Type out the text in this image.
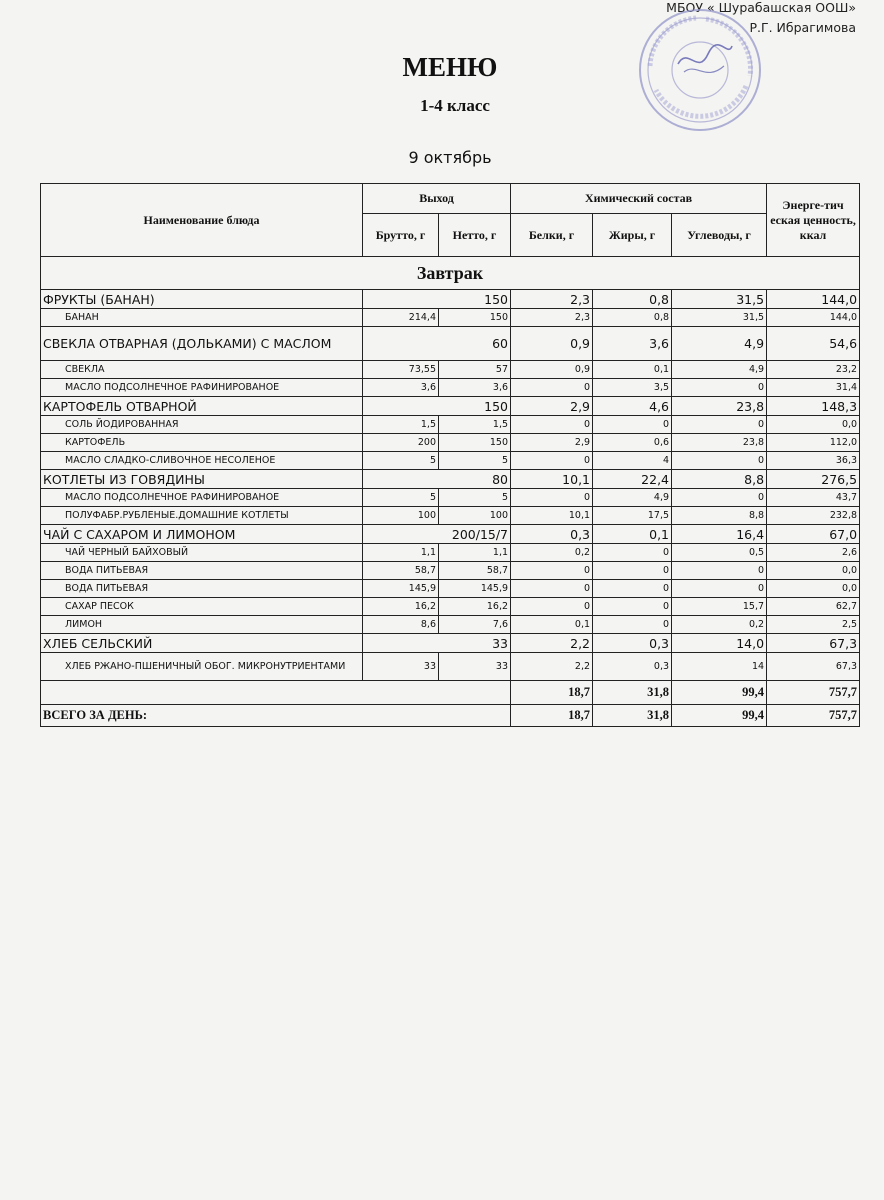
МБОУ « Шурабашская ООШ»
Р.Г. Ибрагимова
МЕНЮ
1-4 класс
9 октябрь
Наименование блюда	Выход		Химический состав			Энерге-тич еская ценность, ккал
	Брутто, г	Нетто, г	Белки, г	Жиры, г	Углеводы, г	
Завтрак						
ФРУКТЫ (БАНАН)	150		2,3	0,8	31,5	144,0
БАНАН	214,4	150	2,3	0,8	31,5	144,0
СВЕКЛА ОТВАРНАЯ (ДОЛЬКАМИ) С МАСЛОМ	60		0,9	3,6	4,9	54,6
СВЕКЛА	73,55	57	0,9	0,1	4,9	23,2
МАСЛО ПОДСОЛНЕЧНОЕ РАФИНИРОВАНОЕ	3,6	3,6	0	3,5	0	31,4
КАРТОФЕЛЬ ОТВАРНОЙ	150		2,9	4,6	23,8	148,3
СОЛЬ ЙОДИРОВАННАЯ	1,5	1,5	0	0	0	0,0
КАРТОФЕЛЬ	200	150	2,9	0,6	23,8	112,0
МАСЛО СЛАДКО-СЛИВОЧНОЕ НЕСОЛЕНОЕ	5	5	0	4	0	36,3
КОТЛЕТЫ ИЗ ГОВЯДИНЫ	80		10,1	22,4	8,8	276,5
МАСЛО ПОДСОЛНЕЧНОЕ РАФИНИРОВАНОЕ	5	5	0	4,9	0	43,7
ПОЛУФАБР.РУБЛЕНЫЕ.ДОМАШНИЕ КОТЛЕТЫ	100	100	10,1	17,5	8,8	232,8
ЧАЙ С САХАРОМ И ЛИМОНОМ	200/15/7		0,3	0,1	16,4	67,0
ЧАЙ ЧЕРНЫЙ БАЙХОВЫЙ	1,1	1,1	0,2	0	0,5	2,6
ВОДА ПИТЬЕВАЯ	58,7	58,7	0	0	0	0,0
ВОДА ПИТЬЕВАЯ	145,9	145,9	0	0	0	0,0
САХАР ПЕСОК	16,2	16,2	0	0	15,7	62,7
ЛИМОН	8,6	7,6	0,1	0	0,2	2,5
ХЛЕБ СЕЛЬСКИЙ	33		2,2	0,3	14,0	67,3
ХЛЕБ РЖАНО-ПШЕНИЧНЫЙ ОБОГ. МИКРОНУТРИЕНТАМИ	33	33	2,2	0,3	14	67,3
			18,7	31,8	99,4	757,7
ВСЕГО ЗА ДЕНЬ:			18,7	31,8	99,4	757,7
